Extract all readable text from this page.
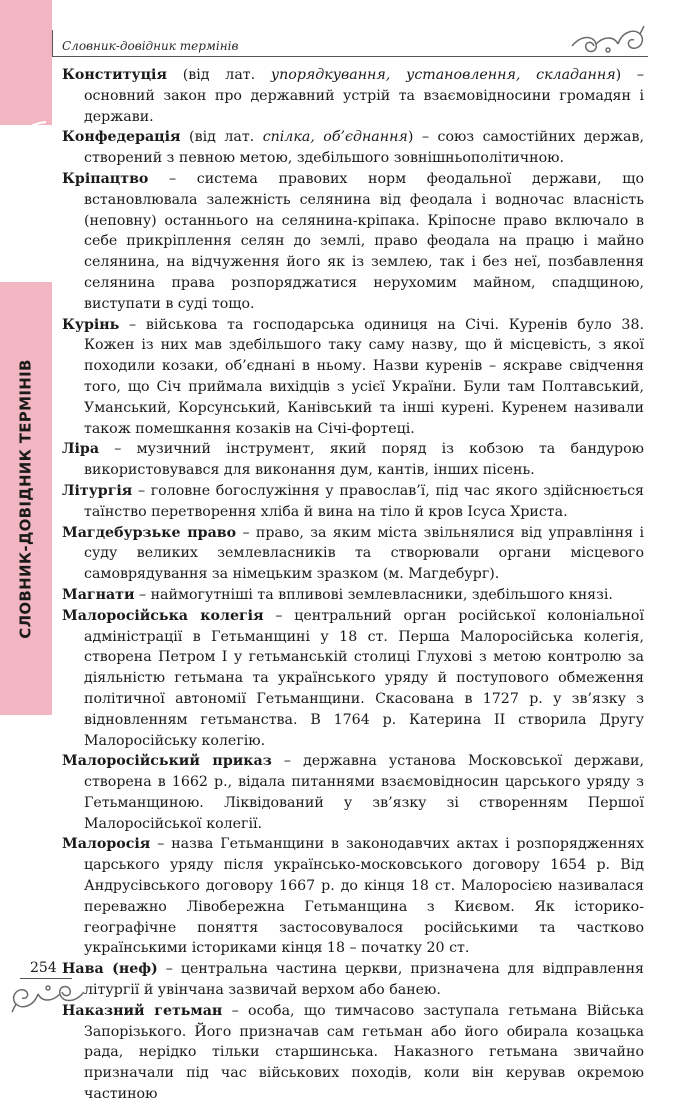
СЛОВНИК-ДОВІДНИК ТЕРМІНІВ
Словник-довідник термінів

Конституція (від лат. упорядкування, установлення, складання) – основний закон про державний устрій та взаємовідносини громадян і держави.

Конфедерація (від лат. спілка, об’єднання) – союз самостійних держав, створений з певною метою, здебільшого зовнішньополітичною.

Кріпацтво – система правових норм феодальної держави, що встановлювала залежність селянина від феодала і водночас власність (неповну) останнього на селянина-кріпака. Кріпосне право включало в себе прикріплення селян до землі, право феодала на працю і майно селянина, на відчуження його як із землею, так і без неї, позбавлення селянина права розпоряджатися нерухомим майном, спадщиною, виступати в суді тощо.

Курінь – військова та господарська одиниця на Січі. Куренів було 38. Кожен із них мав здебільшого таку саму назву, що й місцевість, з якої походили козаки, об’єднані в ньому. Назви куренів – яскраве свідчення того, що Січ приймала вихідців з усієї України. Були там Полтавський, Уманський, Корсунський, Канівський та інші курені. Куренем називали також помешкання козаків на Січі-фортеці.

Ліра – музичний інструмент, який поряд із кобзою та бандурою використовувався для виконання дум, кантів, інших пісень.

Літургія – головне богослужіння у православ’ї, під час якого здійснюється таїнство перетворення хліба й вина на тіло й кров Ісуса Христа.

Магдебурзьке право – право, за яким міста звільнялися від управління і суду великих землевласників та створювали органи місцевого самоврядування за німецьким зразком (м. Магдебург).

Магнати – наймогутніші та впливові землевласники, здебільшого князі.

Малоросійська колегія – центральний орган російської колоніальної адміністрації в Гетьманщині у 18 ст. Перша Малоросійська колегія, створена Петром I у гетьманській столиці Глухові з метою контролю за діяльністю гетьмана та українського уряду й поступового обмеження політичної автономії Гетьманщини. Скасована в 1727 р. у зв’язку з відновленням гетьманства. В 1764 р. Катерина II створила Другу Малоросійську колегію.

Малоросійський приказ – державна установа Московської держави, створена в 1662 р., відала питаннями взаємовідносин царського уряду з Гетьманщиною. Ліквідований у зв’язку зі створенням Першої Малоросійської колегії.

Малоросія – назва Гетьманщини в законодавчих актах і розпорядженнях царського уряду після українсько-московського договору 1654 р. Від Андрусівського договору 1667 р. до кінця 18 ст. Малоросією називалася переважно Лівобережна Гетьманщина з Києвом. Як історико-географічне поняття застосовувалося російськими та частково українськими істориками кінця 18 – початку 20 ст.

Нава (неф) – центральна частина церкви, призначена для відправлення літургії й увінчана зазвичай верхом або банею.

Наказний гетьман – особа, що тимчасово заступала гетьмана Війська Запорізького. Його призначав сам гетьман або його обирала козацька рада, нерідко тільки старшинська. Наказного гетьмана звичайно призначали під час військових походів, коли він керував окремою частиною

254
